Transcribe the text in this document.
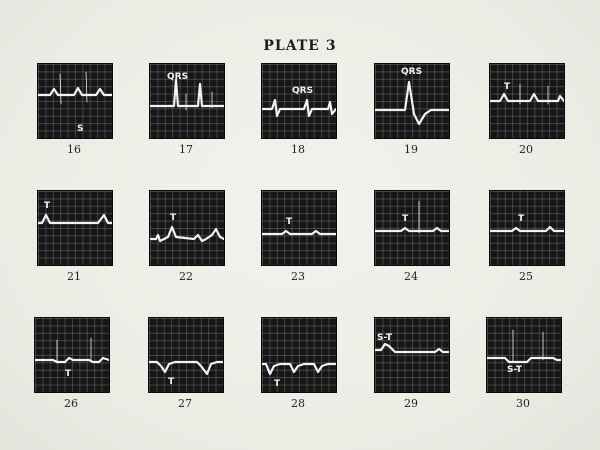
PLATE 3
S
16
QRS
17
QRS
18
QRS
19
T
20
T
21
T
22
T
23
T
24
T
25
T
26
T
27
T
28
S-T
29
S-T
30
